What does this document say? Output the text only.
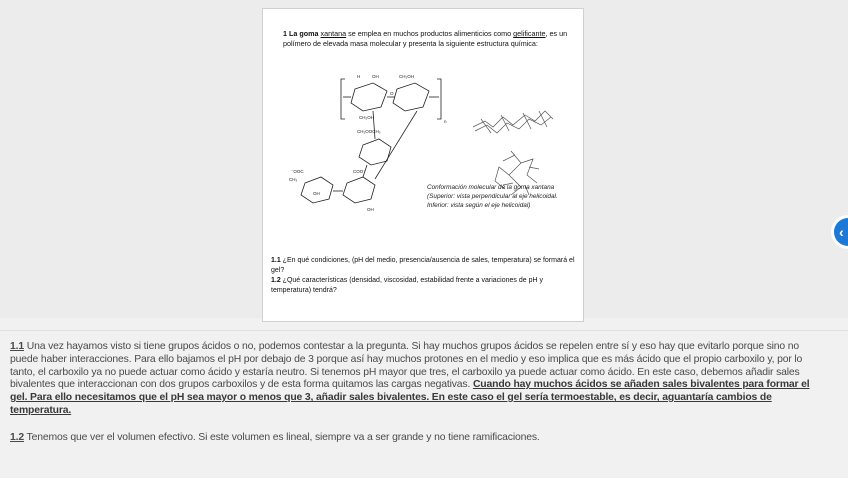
1 La goma xantana se emplea en muchos productos alimenticios como gelificante, es un polímero de elevada masa molecular y presenta la siguiente estructura química:
H	OH	CH₂OH
O
CH₂OH
CH₂OOCH₃
n
⁻OOC
CH₃
COO⁻
OH
OH
Conformación molecular de la goma xantana
(Superior: vista perpendicular al eje helicoidal.
Inferior: vista según el eje helicoidal)
1.1 ¿En qué condiciones, (pH del medio, presencia/ausencia de sales, temperatura) se formará el gel?
1.2 ¿Qué características (densidad, viscosidad, estabilidad frente a variaciones de pH y temperatura) tendrá?
1.1 Una vez hayamos visto si tiene grupos ácidos o no, podemos contestar a la pregunta. Si hay muchos grupos ácidos se repelen entre sí y eso hay que evitarlo porque sino no puede haber interacciones. Para ello bajamos el pH por debajo de 3 porque así hay muchos protones en el medio y eso implica que es más ácido que el propio carboxilo y, por lo tanto, el carboxilo ya no puede actuar como ácido y estaría neutro. Si tenemos pH mayor que tres, el carboxilo ya puede actuar como ácido. En este caso, debemos añadir sales bivalentes que interaccionan con dos grupos carboxilos y de esta forma quitamos las cargas negativas. Cuando hay muchos ácidos se añaden sales bivalentes para formar el gel. Para ello necesitamos que el pH sea mayor o menos que 3, añadir sales bivalentes. En este caso el gel sería termoestable, es decir, aguantaría cambios de temperatura.
1.2 Tenemos que ver el volumen efectivo. Si este volumen es lineal, siempre va a ser grande y no tiene ramificaciones.
‹
